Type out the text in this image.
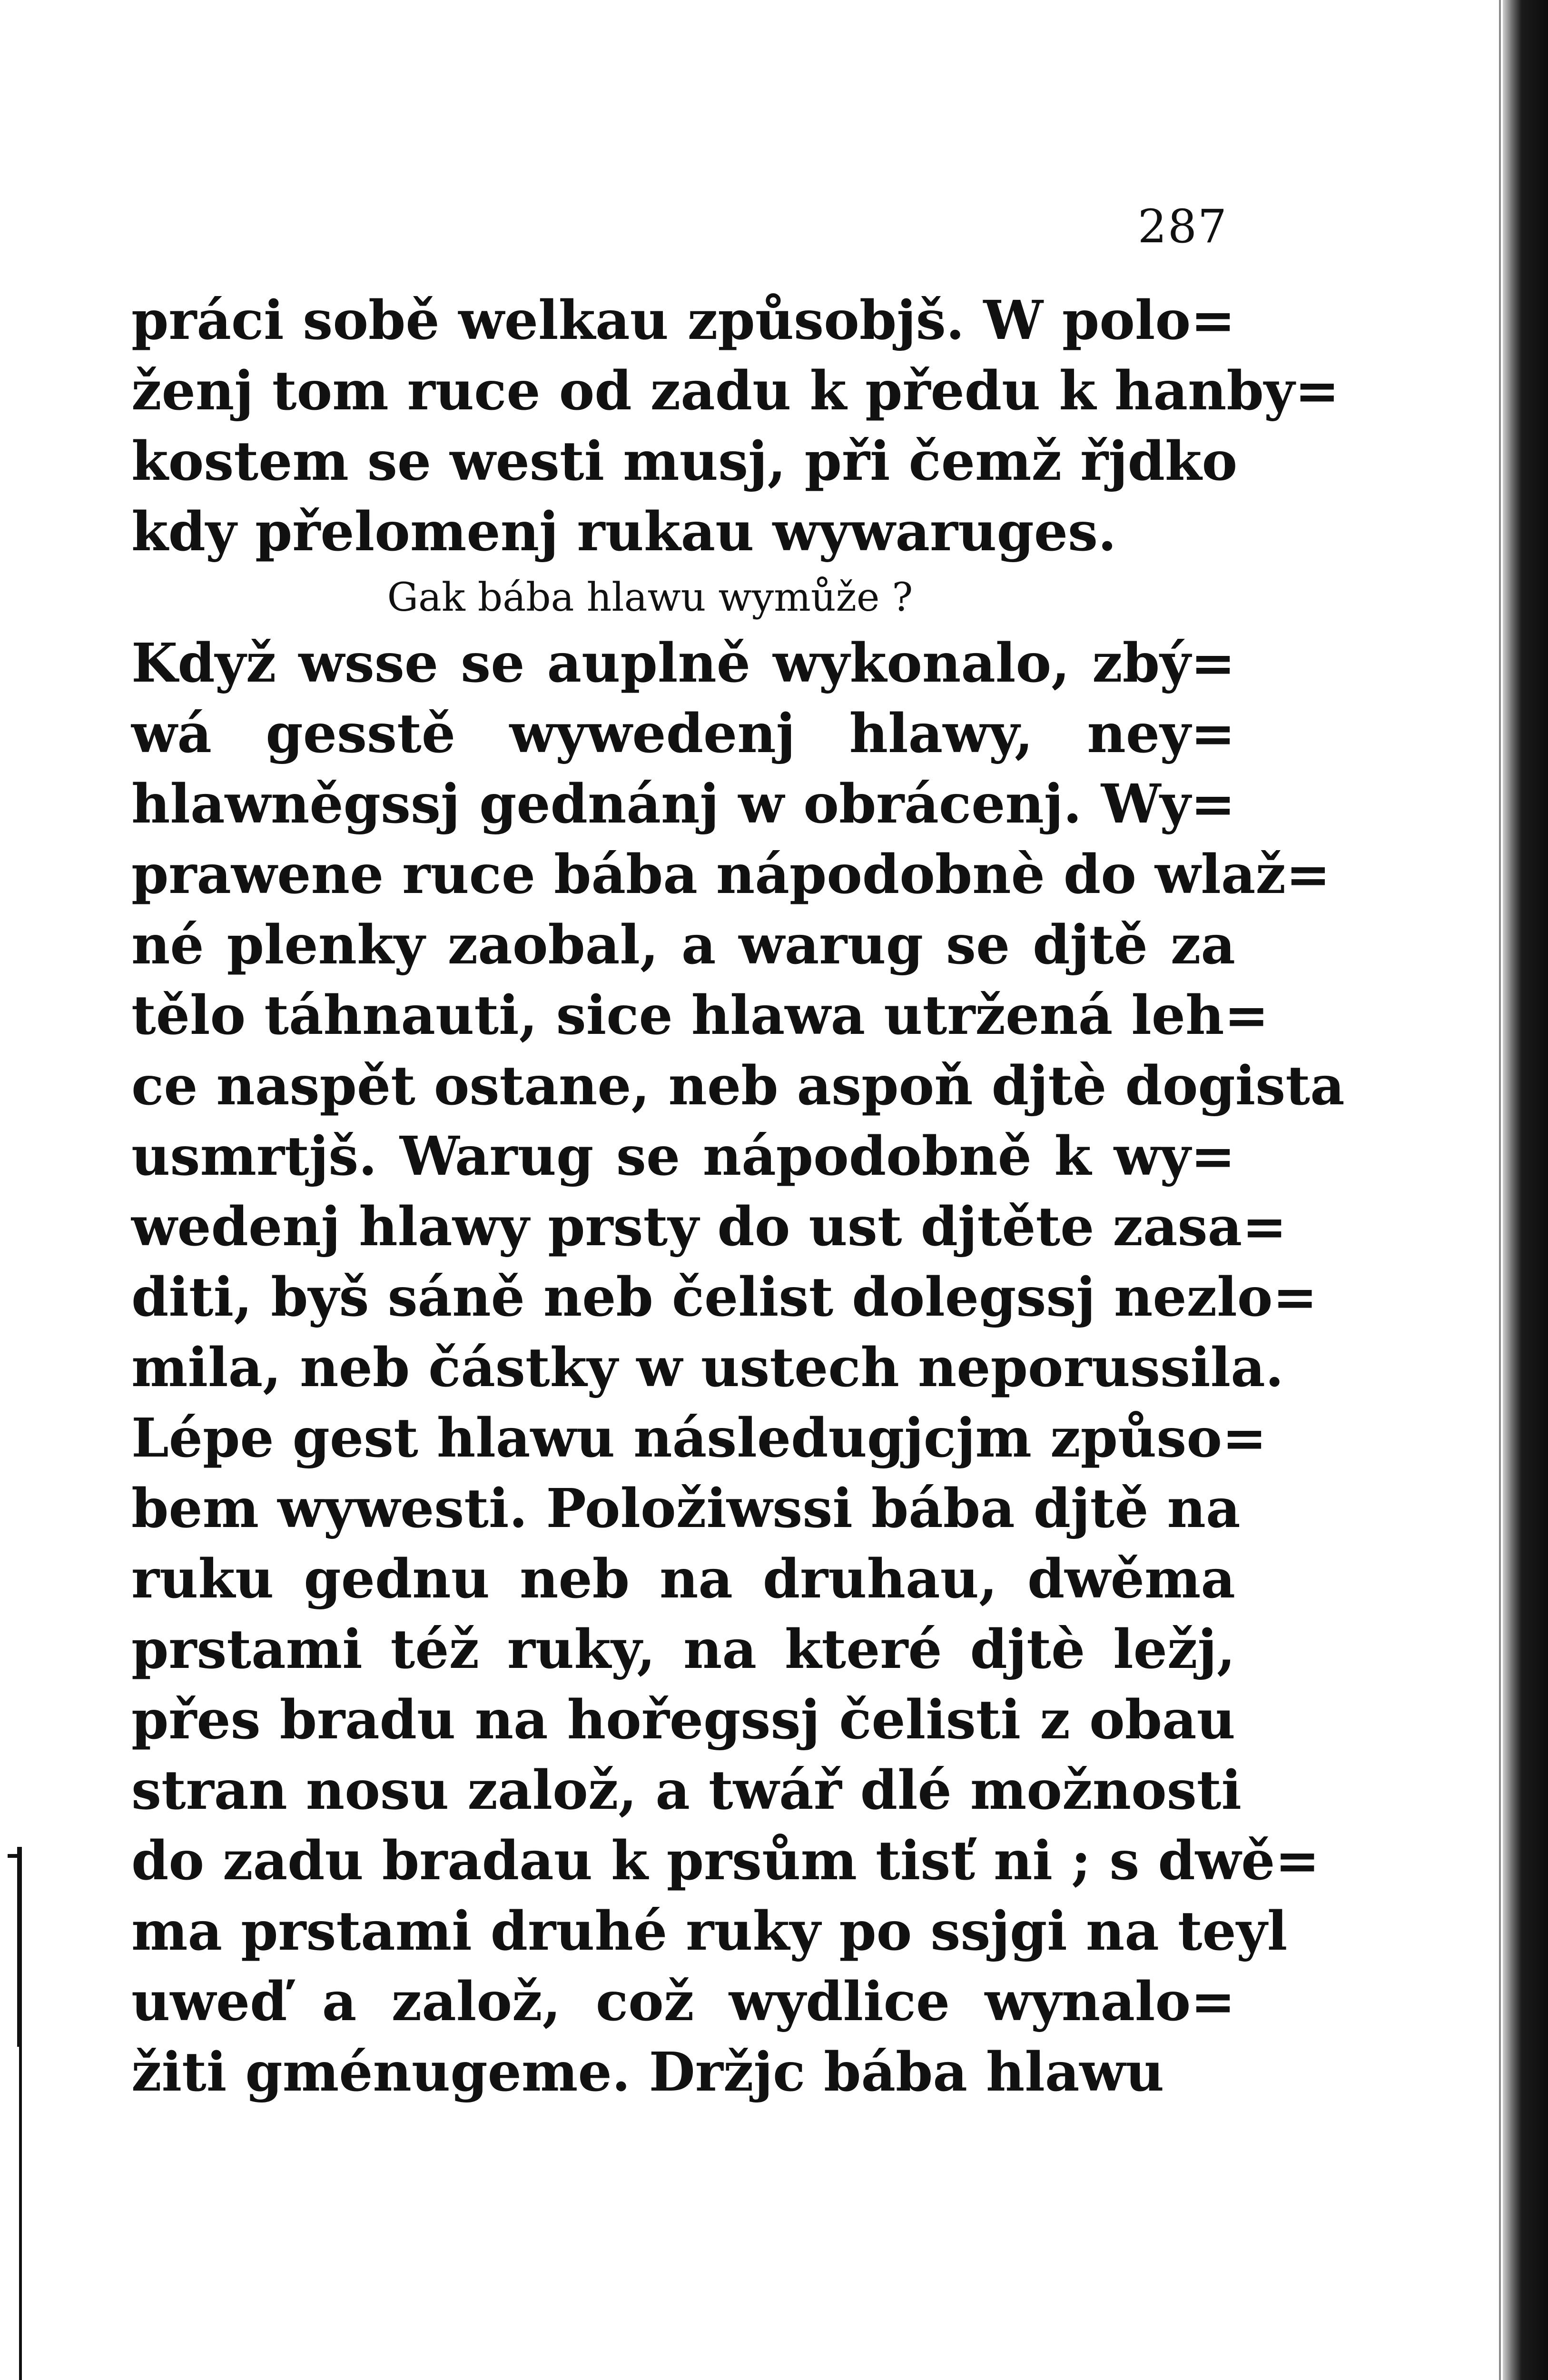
287
práci sobě welkau způsobjš. W polo=
ženj tom ruce od zadu k předu k hanby=
kostem se westi musj, při čemž řjdko
kdy přelomenj rukau wywaruges.
Gak bába hlawu wymůže ?
Když wsse se auplně wykonalo, zbý=
wá gesstě wywedenj hlawy, ney=
hlawněgssj gednánj w obrácenj. Wy=
prawene ruce bába nápodobnè do wlaž=
né plenky zaobal, a warug se djtě za
tělo táhnauti, sice hlawa utržená leh=
ce naspět ostane, neb aspoň djtè dogista
usmrtjš. Warug se nápodobně k wy=
wedenj hlawy prsty do ust djtěte zasa=
diti, byš sáně neb čelist dolegssj nezlo=
mila, neb částky w ustech neporussila.
Lépe gest hlawu následugjcjm způso=
bem wywesti. Položiwssi bába djtě na
ruku gednu neb na druhau, dwěma
prstami též ruky, na které djtè ležj,
přes bradu na hořegssj čelisti z obau
stran nosu založ, a twář dlé možnosti
do zadu bradau k prsům tisť ni ; s dwě=
ma prstami druhé ruky po ssjgi na teyl
uweď a založ, což wydlice wynalo=
žiti gménugeme. Držjc bába hlawu
